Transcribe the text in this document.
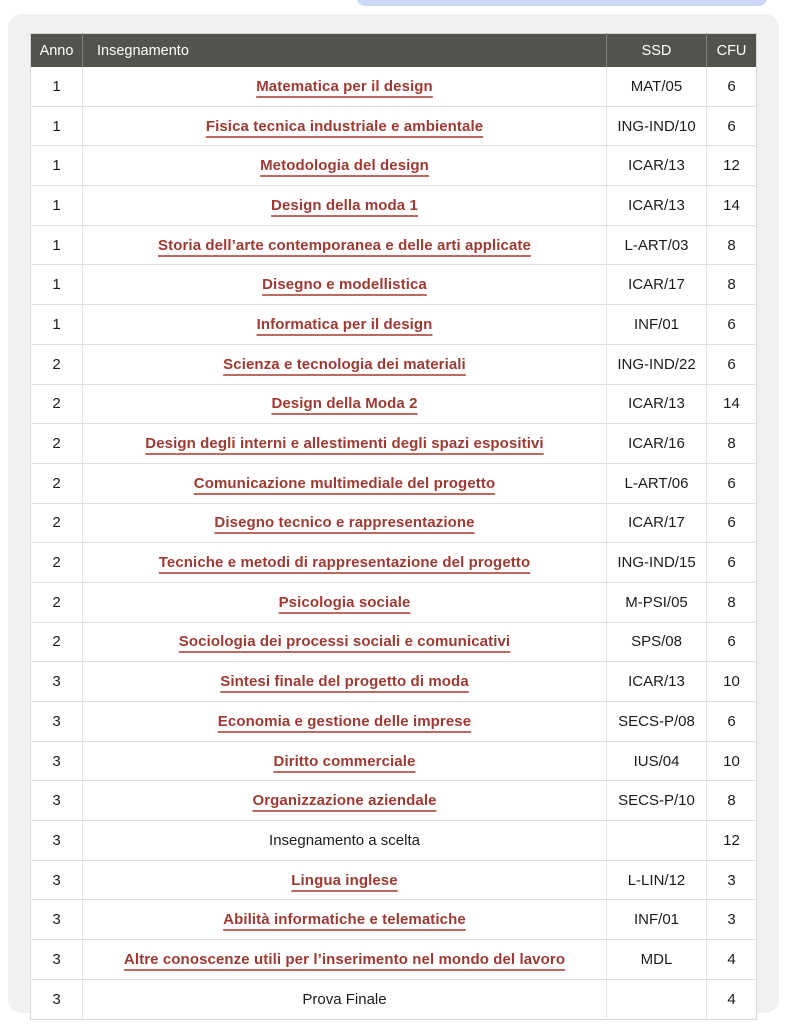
Anno	Insegnamento	SSD	CFU
1	Matematica per il design	MAT/05	6
1	Fisica tecnica industriale e ambientale	ING-IND/10	6
1	Metodologia del design	ICAR/13	12
1	Design della moda 1	ICAR/13	14
1	Storia dell’arte contemporanea e delle arti applicate	L-ART/03	8
1	Disegno e modellistica	ICAR/17	8
1	Informatica per il design	INF/01	6
2	Scienza e tecnologia dei materiali	ING-IND/22	6
2	Design della Moda 2	ICAR/13	14
2	Design degli interni e allestimenti degli spazi espositivi	ICAR/16	8
2	Comunicazione multimediale del progetto	L-ART/06	6
2	Disegno tecnico e rappresentazione	ICAR/17	6
2	Tecniche e metodi di rappresentazione del progetto	ING-IND/15	6
2	Psicologia sociale	M-PSI/05	8
2	Sociologia dei processi sociali e comunicativi	SPS/08	6
3	Sintesi finale del progetto di moda	ICAR/13	10
3	Economia e gestione delle imprese	SECS-P/08	6
3	Diritto commerciale	IUS/04	10
3	Organizzazione aziendale	SECS-P/10	8
3	Insegnamento a scelta		12
3	Lingua inglese	L-LIN/12	3
3	Abilità informatiche e telematiche	INF/01	3
3	Altre conoscenze utili per l’inserimento nel mondo del lavoro	MDL	4
3	Prova Finale		4
